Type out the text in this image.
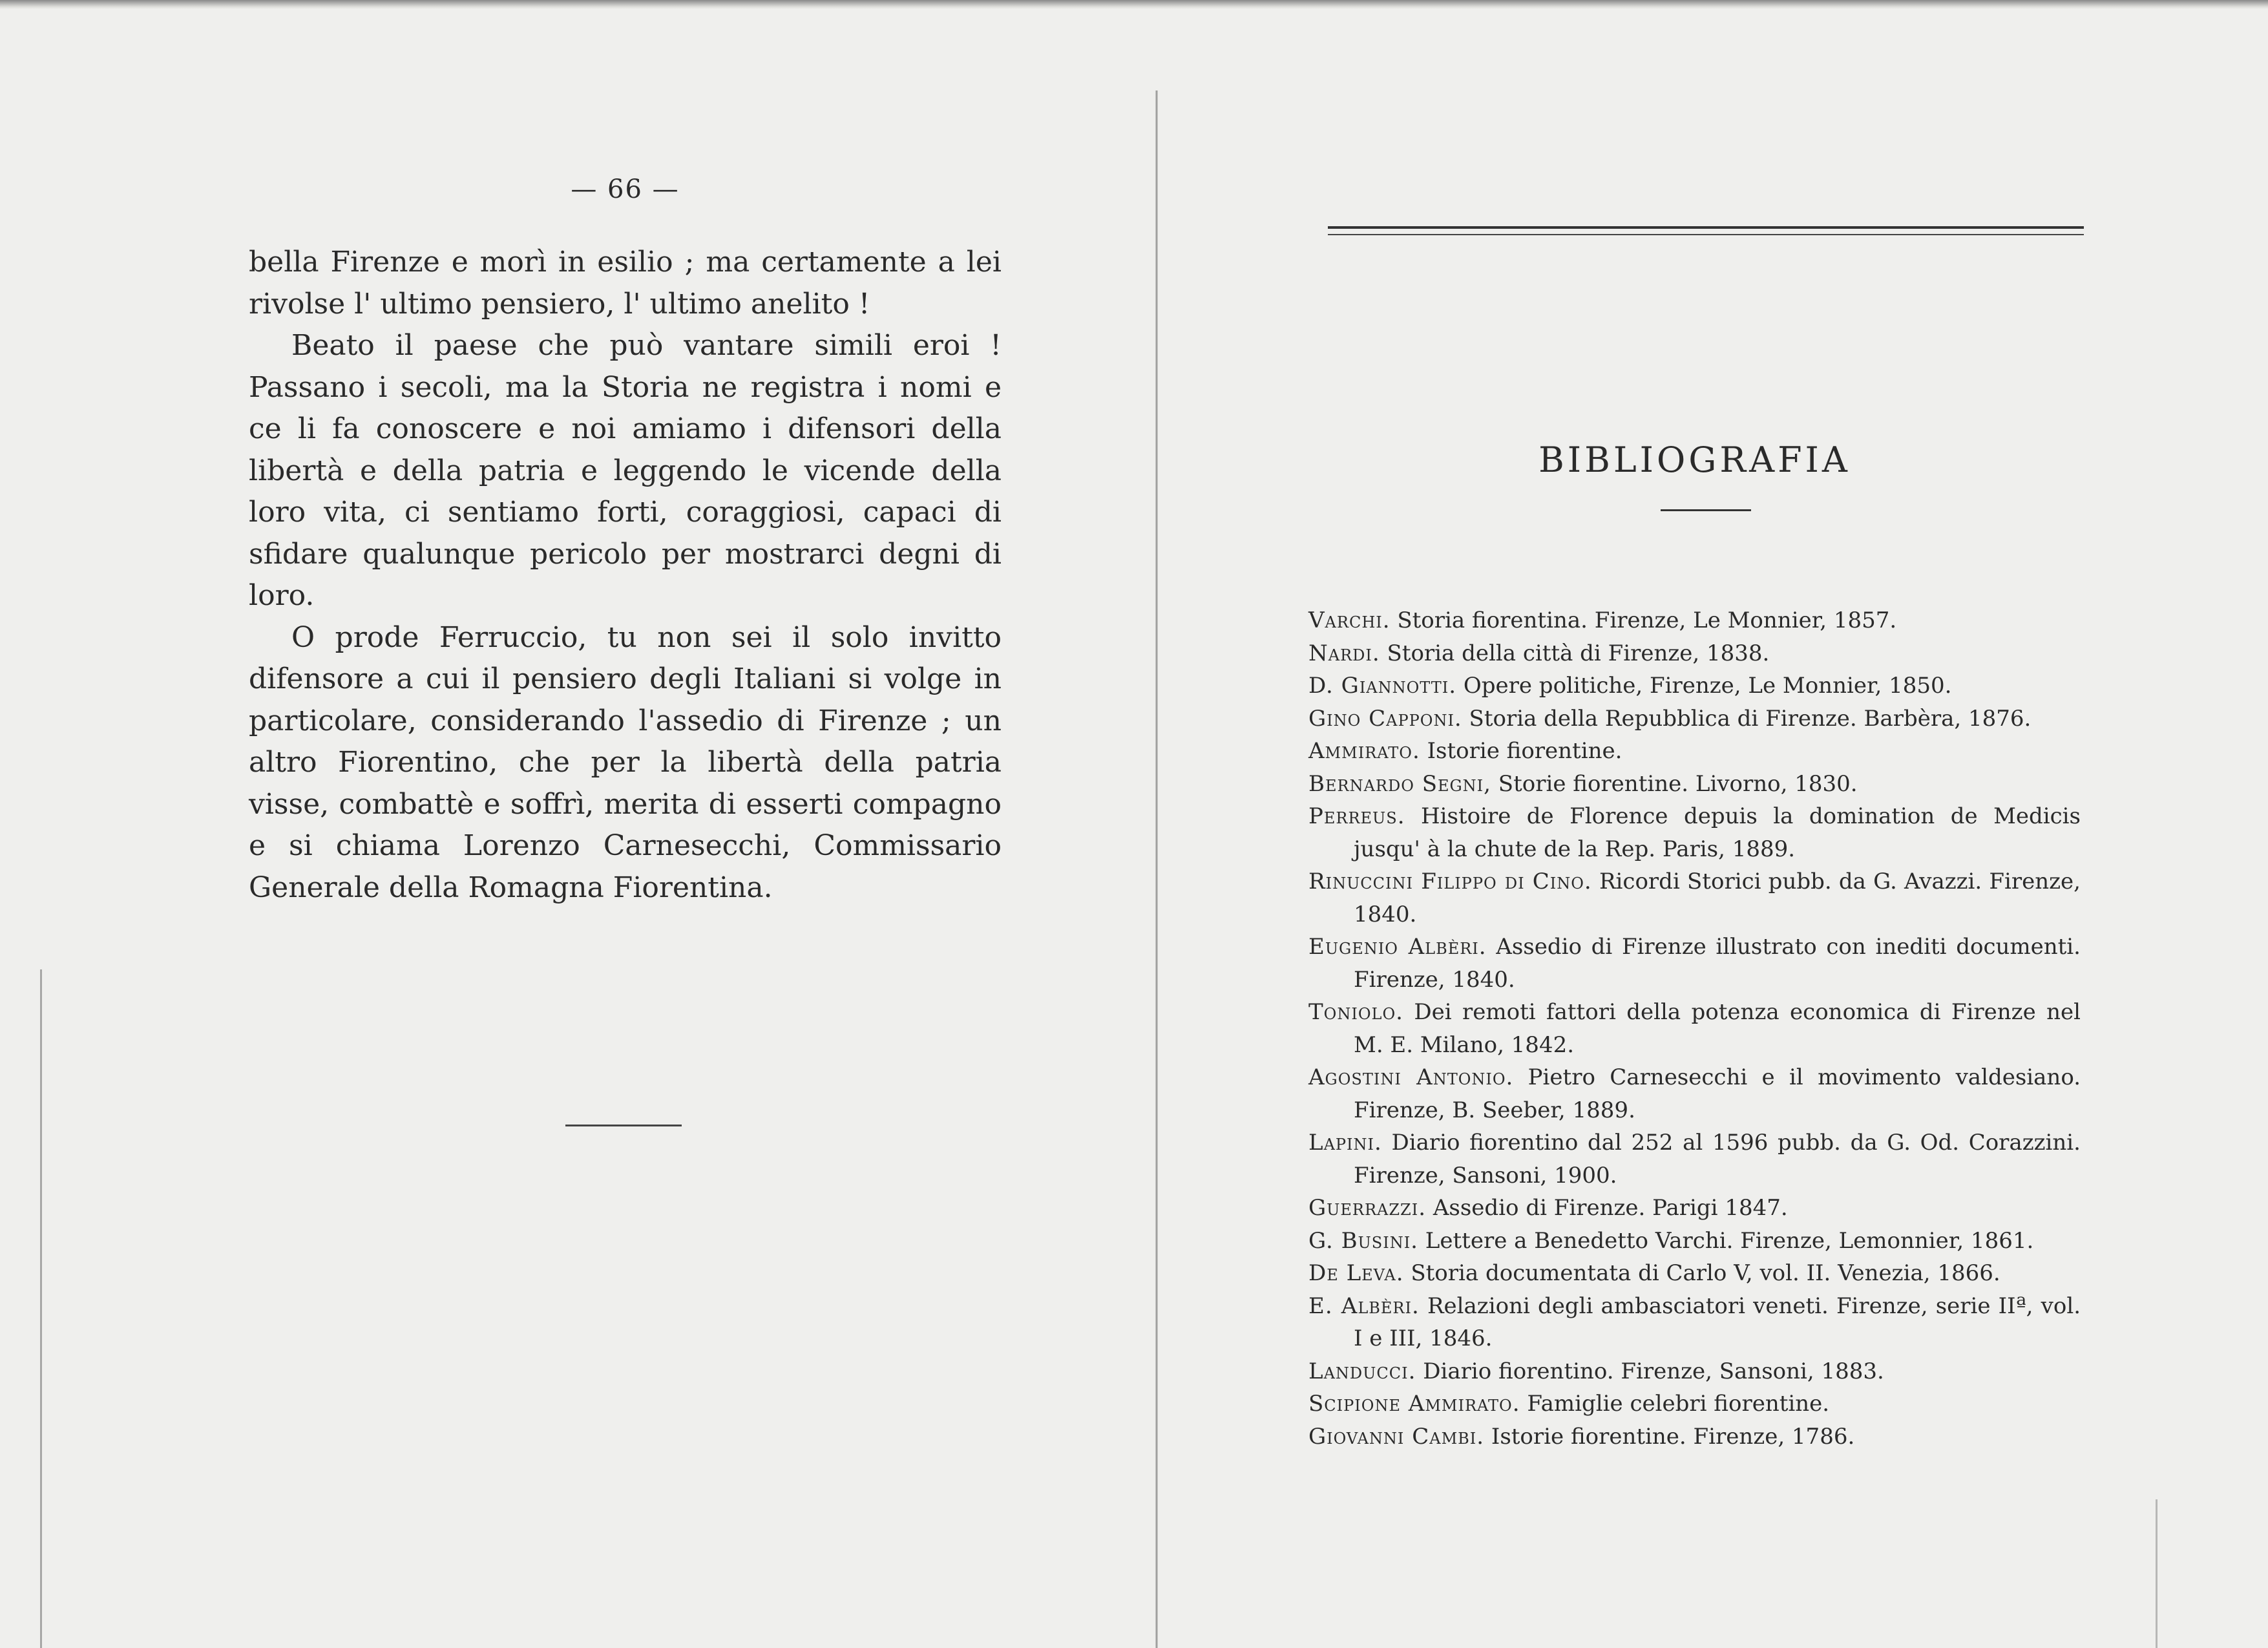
— 66 —

bella Firenze e morì in esilio ; ma certamente a lei rivolse l' ultimo pensiero, l' ultimo anelito !

Beato il paese che può vantare simili eroi ! Passano i secoli, ma la Storia ne registra i nomi e ce li fa conoscere e noi amiamo i difensori della libertà e della patria e leggendo le vicende della loro vita, ci sentiamo forti, coraggiosi, capaci di sfidare qualunque pericolo per mostrarci degni di loro.

O prode Ferruccio, tu non sei il solo invitto difensore a cui il pensiero degli Italiani si volge in particolare, considerando l'assedio di Firenze ; un altro Fiorentino, che per la libertà della patria visse, combattè e soffrì, merita di esserti compagno e si chiama Lorenzo Carnesecchi, Commissario Generale della Romagna Fiorentina.

BIBLIOGRAFIA
Varchi. Storia fiorentina. Firenze, Le Monnier, 1857.
Nardi. Storia della città di Firenze, 1838.
D. Giannotti. Opere politiche, Firenze, Le Monnier, 1850.
Gino Capponi. Storia della Repubblica di Firenze. Barbèra, 1876.
Ammirato. Istorie fiorentine.
Bernardo Segni, Storie fiorentine. Livorno, 1830.
Perreus. Histoire de Florence depuis la domination de Medicis jusqu' à la chute de la Rep. Paris, 1889.
Rinuccini Filippo di Cino. Ricordi Storici pubb. da G. Avazzi. Firenze, 1840.
Eugenio Albèri. Assedio di Firenze illustrato con inediti documenti. Firenze, 1840.
Toniolo. Dei remoti fattori della potenza economica di Firenze nel M. E. Milano, 1842.
Agostini Antonio. Pietro Carnesecchi e il movimento valdesiano. Firenze, B. Seeber, 1889.
Lapini. Diario fiorentino dal 252 al 1596 pubb. da G. Od. Corazzini. Firenze, Sansoni, 1900.
Guerrazzi. Assedio di Firenze. Parigi 1847.
G. Busini. Lettere a Benedetto Varchi. Firenze, Lemonnier, 1861.
De Leva. Storia documentata di Carlo V, vol. II. Venezia, 1866.
E. Albèri. Relazioni degli ambasciatori veneti. Firenze, serie IIª, vol. I e III, 1846.
Landucci. Diario fiorentino. Firenze, Sansoni, 1883.
Scipione Ammirato. Famiglie celebri fiorentine.
Giovanni Cambi. Istorie fiorentine. Firenze, 1786.
